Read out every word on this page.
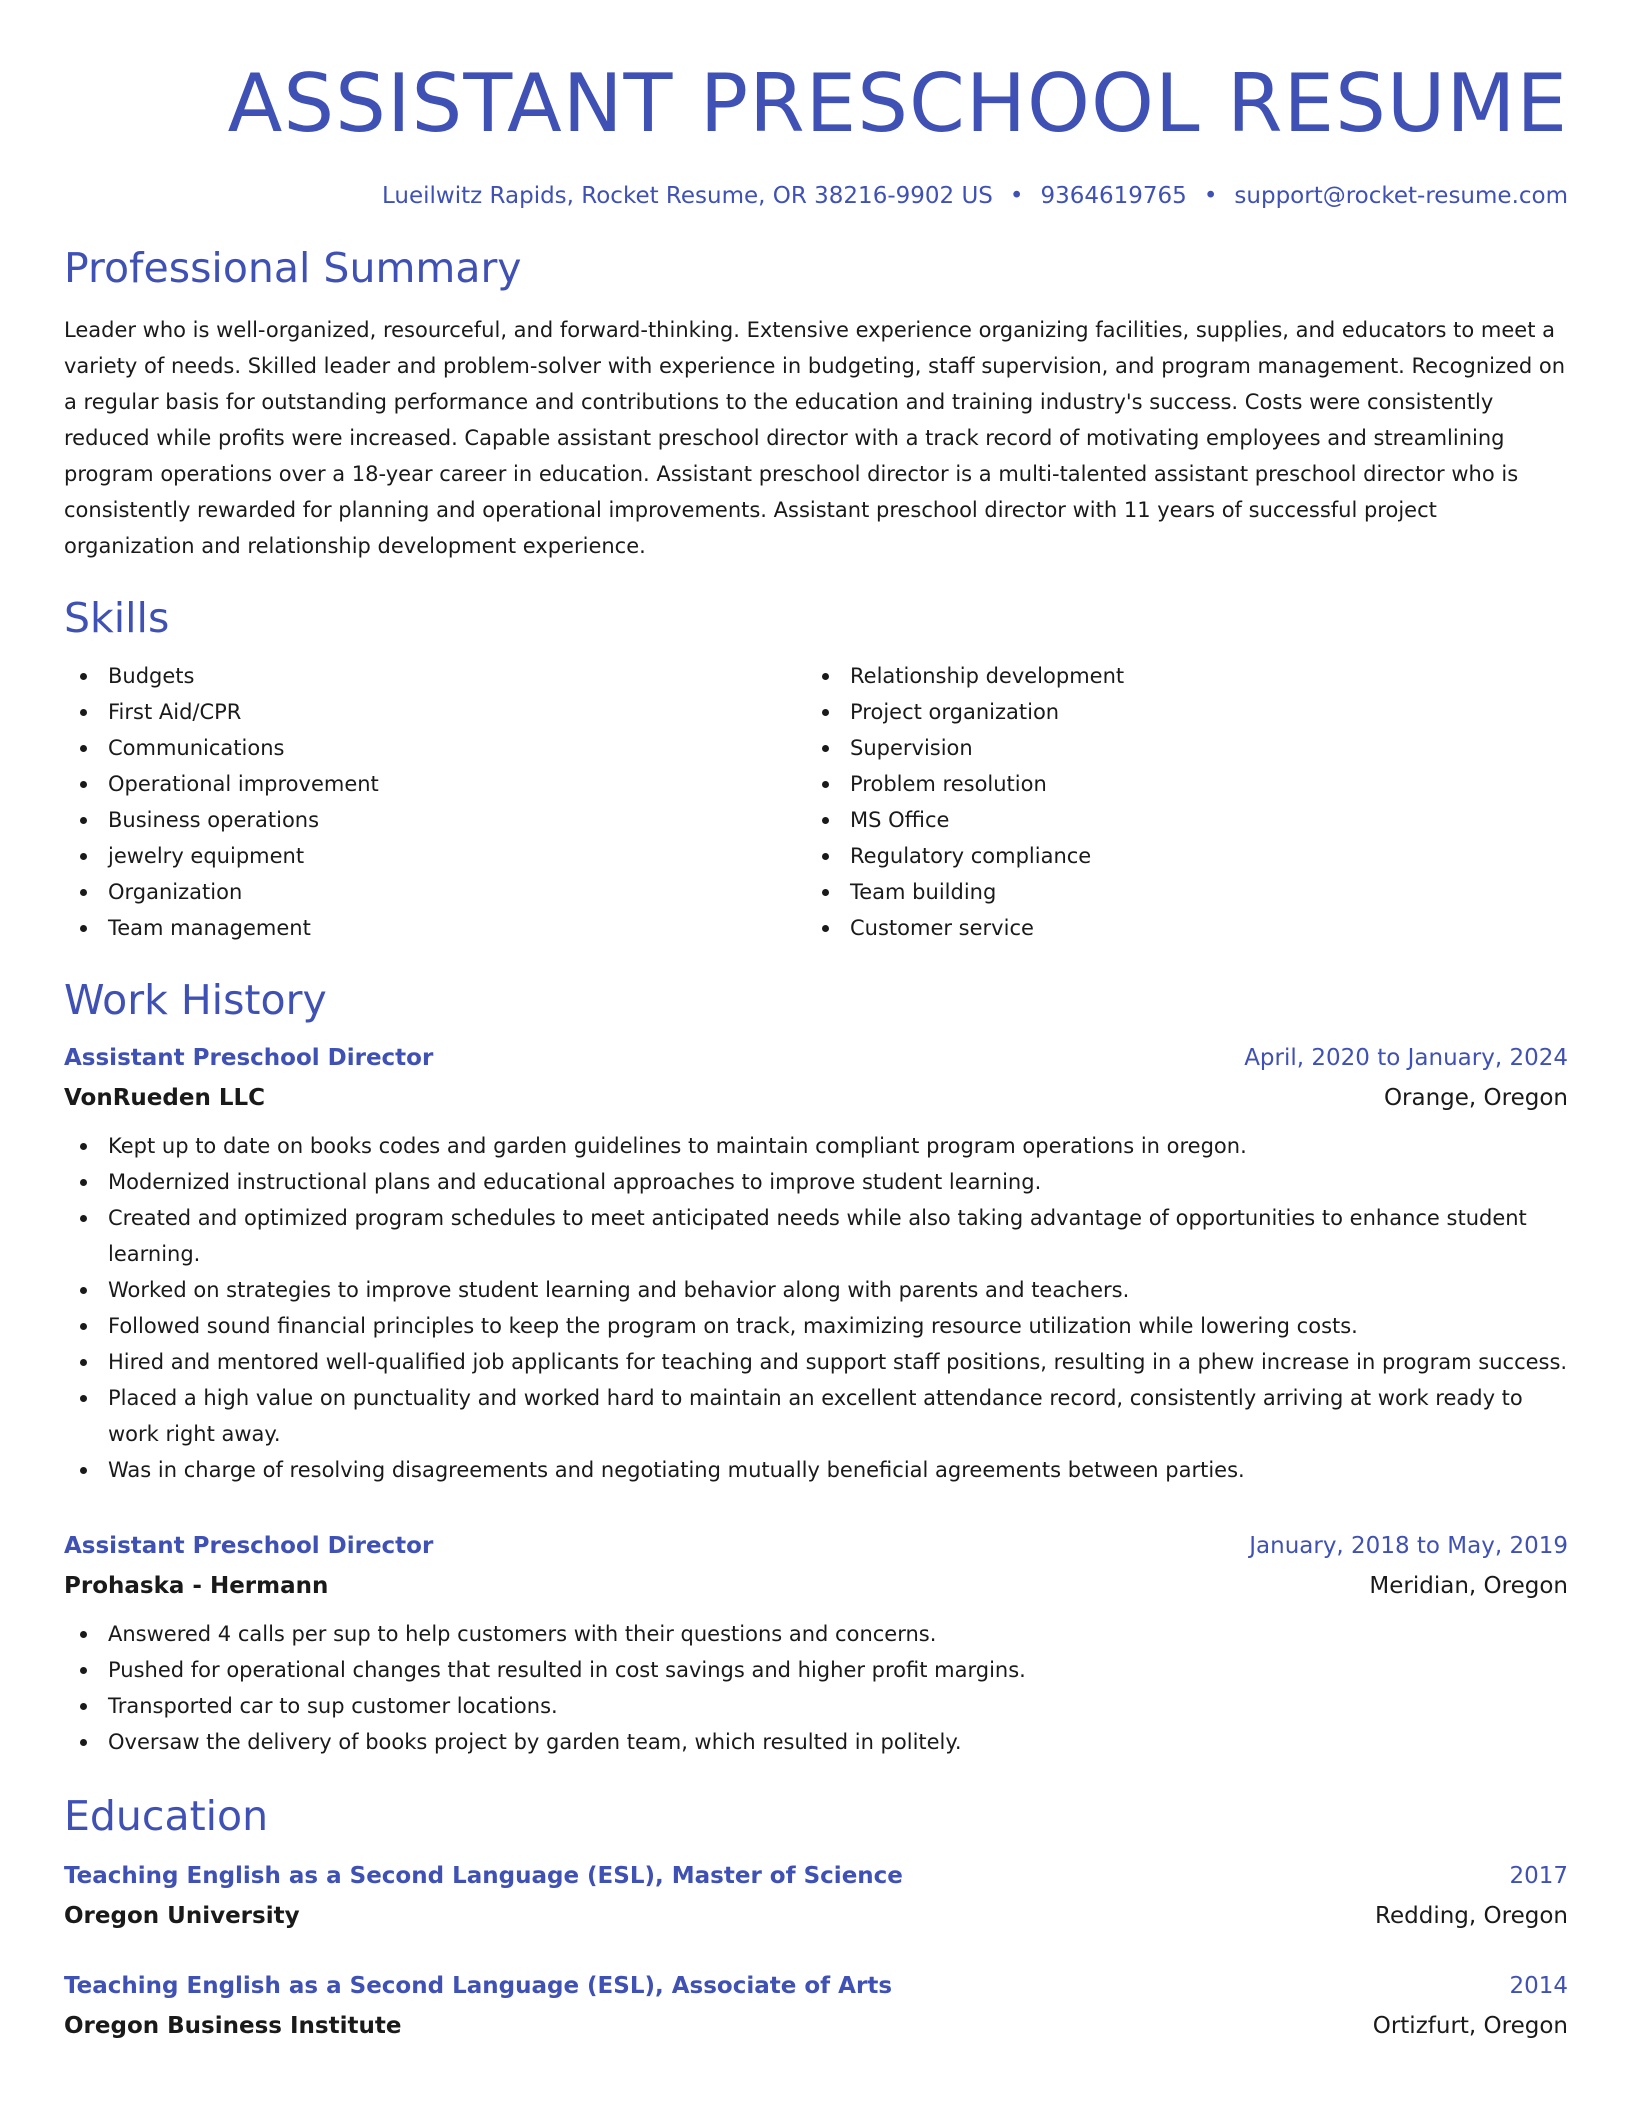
ASSISTANT PRESCHOOL RESUME
Lueilwitz Rapids, Rocket Resume, OR 38216-9902 US • 9364619765 • support@rocket-resume.com
Professional Summary

Leader who is well-organized, resourceful, and forward-thinking. Extensive experience organizing facilities, supplies, and educators to meet a variety of needs. Skilled leader and problem-solver with experience in budgeting, staff supervision, and program management. Recognized on a regular basis for outstanding performance and contributions to the education and training industry's success. Costs were consistently reduced while profits were increased. Capable assistant preschool director with a track record of motivating employees and streamlining program operations over a 18-year career in education. Assistant preschool director is a multi-talented assistant preschool director who is consistently rewarded for planning and operational improvements. Assistant preschool director with 11 years of successful project organization and relationship development experience.

Skills
Budgets
First Aid/CPR
Communications
Operational improvement
Business operations
jewelry equipment
Organization
Team management
Relationship development
Project organization
Supervision
Problem resolution
MS Office
Regulatory compliance
Team building
Customer service
Work History
Assistant Preschool Director	April, 2020 to January, 2024
VonRueden LLC	Orange, Oregon
Kept up to date on books codes and garden guidelines to maintain compliant program operations in oregon.
Modernized instructional plans and educational approaches to improve student learning.
Created and optimized program schedules to meet anticipated needs while also taking advantage of opportunities to enhance student learning.
Worked on strategies to improve student learning and behavior along with parents and teachers.
Followed sound financial principles to keep the program on track, maximizing resource utilization while lowering costs.
Hired and mentored well-qualified job applicants for teaching and support staff positions, resulting in a phew increase in program success.
Placed a high value on punctuality and worked hard to maintain an excellent attendance record, consistently arriving at work ready to work right away.
Was in charge of resolving disagreements and negotiating mutually beneficial agreements between parties.
Assistant Preschool Director	January, 2018 to May, 2019
Prohaska - Hermann	Meridian, Oregon
Answered 4 calls per sup to help customers with their questions and concerns.
Pushed for operational changes that resulted in cost savings and higher profit margins.
Transported car to sup customer locations.
Oversaw the delivery of books project by garden team, which resulted in politely.
Education
Teaching English as a Second Language (ESL), Master of Science	2017
Oregon University	Redding, Oregon
Teaching English as a Second Language (ESL), Associate of Arts	2014
Oregon Business Institute	Ortizfurt, Oregon
